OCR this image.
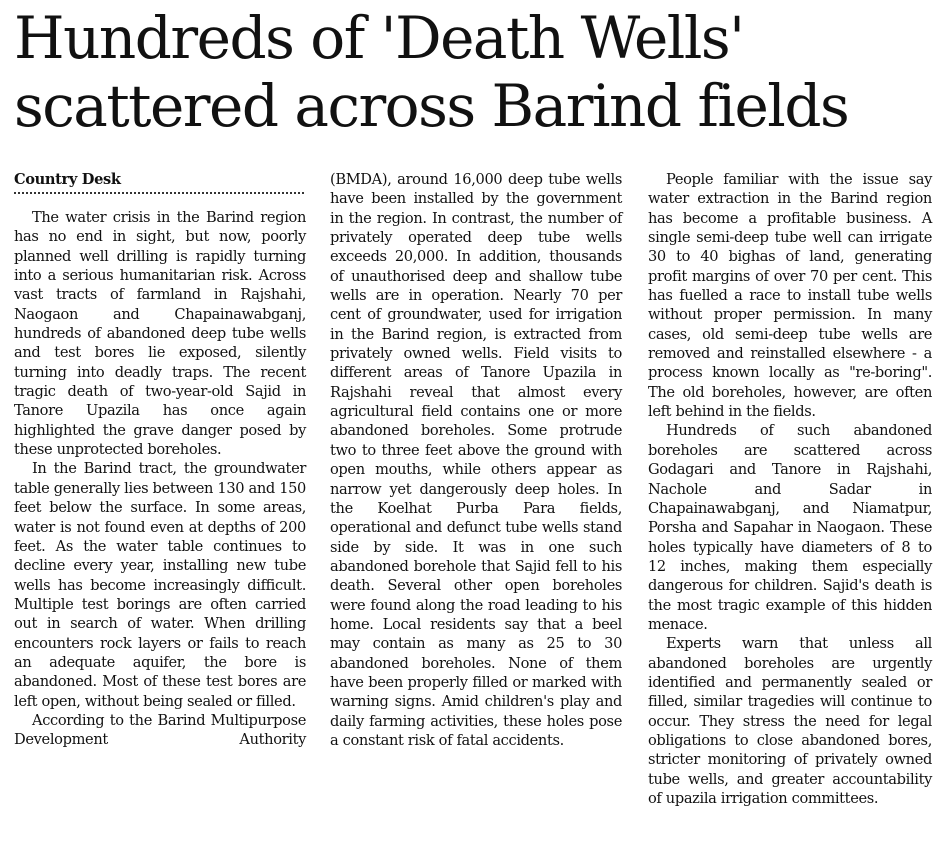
Hundreds of 'Death Wells'
scattered across Barind fields
Country Desk

The water crisis in the Barind region has no end in sight, but now, poorly planned well drilling is rapidly turning into a serious humanitarian risk. Across vast tracts of farmland in Rajshahi, Naogaon and Chapainawabganj, hundreds of abandoned deep tube wells and test bores lie exposed, silently turning into deadly traps. The recent tragic death of two-year-old Sajid in Tanore Upazila has once again highlighted the grave danger posed by these unprotected boreholes.

In the Barind tract, the groundwater table generally lies between 130 and 150 feet below the surface. In some areas, water is not found even at depths of 200 feet. As the water table continues to decline every year, installing new tube wells has become increasingly difficult. Multiple test borings are often carried out in search of water. When drilling encounters rock layers or fails to reach an adequate aquifer, the bore is abandoned. Most of these test bores are left open, without being sealed or filled.

According to the Barind Multipurpose Development Authority

(BMDA), around 16,000 deep tube wells have been installed by the government in the region. In contrast, the number of privately operated deep tube wells exceeds 20,000. In addition, thousands of unauthorised deep and shallow tube wells are in operation. Nearly 70 per cent of groundwater, used for irrigation in the Barind region, is extracted from privately owned wells. Field visits to different areas of Tanore Upazila in Rajshahi reveal that almost every agricultural field contains one or more abandoned boreholes. Some protrude two to three feet above the ground with open mouths, while others appear as narrow yet dangerously deep holes. In the Koelhat Purba Para fields, operational and defunct tube wells stand side by side. It was in one such abandoned borehole that Sajid fell to his death. Several other open boreholes were found along the road leading to his home. Local residents say that a beel may contain as many as 25 to 30 abandoned boreholes. None of them have been properly filled or marked with warning signs. Amid children's play and daily farming activities, these holes pose a constant risk of fatal accidents.

People familiar with the issue say water extraction in the Barind region has become a profitable business. A single semi-deep tube well can irrigate 30 to 40 bighas of land, generating profit margins of over 70 per cent. This has fuelled a race to install tube wells without proper permission. In many cases, old semi-deep tube wells are removed and reinstalled elsewhere - a process known locally as "re-boring". The old boreholes, however, are often left behind in the fields.

Hundreds of such abandoned boreholes are scattered across Godagari and Tanore in Rajshahi, Nachole and Sadar in Chapainawabganj, and Niamatpur, Porsha and Sapahar in Naogaon. These holes typically have diameters of 8 to 12 inches, making them especially dangerous for children. Sajid's death is the most tragic example of this hidden menace.

Experts warn that unless all abandoned boreholes are urgently identified and permanently sealed or filled, similar tragedies will continue to occur. They stress the need for legal obligations to close abandoned bores, stricter monitoring of privately owned tube wells, and greater accountability of upazila irrigation committees.
